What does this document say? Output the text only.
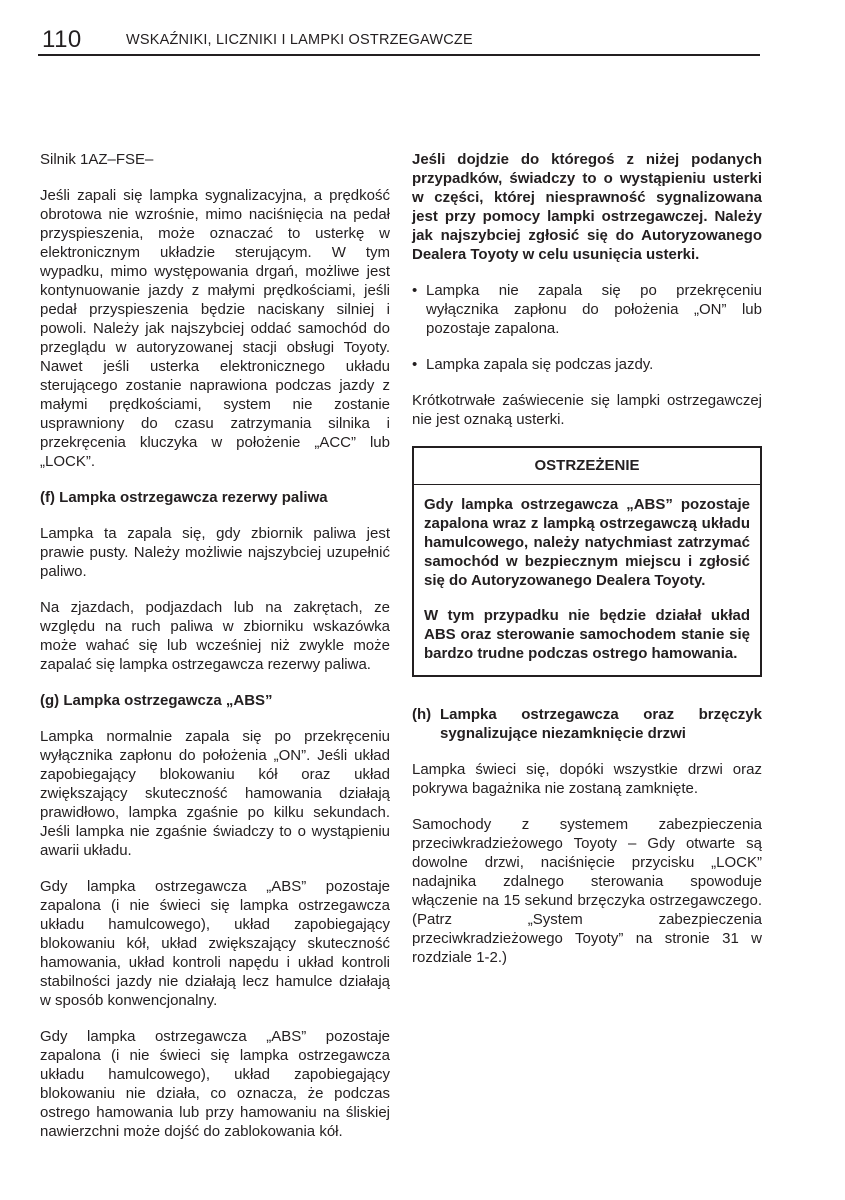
110	WSKAŹNIKI, LICZNIKI I LAMPKI OSTRZEGAWCZE

Silnik 1AZ–FSE–

Jeśli zapali się lampka sygnalizacyjna, a prędkość obrotowa nie wzrośnie, mimo naciśnięcia na pedał przyspieszenia, może oznaczać to usterkę w elektronicznym układzie sterującym. W tym wypadku, mimo występowania drgań, możliwe jest kontynuowanie jazdy z małymi prędkościami, jeśli pedał przyspieszenia będzie naciskany silniej i powoli. Należy jak najszybciej oddać samochód do przeglądu w autoryzowanej stacji obsługi Toyoty. Nawet jeśli usterka elektronicznego układu sterującego zostanie naprawiona podczas jazdy z małymi prędkościami, system nie zostanie usprawniony do czasu zatrzymania silnika i przekręcenia kluczyka w położenie „ACC” lub „LOCK”.

(f) Lampka ostrzegawcza rezerwy paliwa

Lampka ta zapala się, gdy zbiornik paliwa jest prawie pusty. Należy możliwie najszybciej uzupełnić paliwo.

Na zjazdach, podjazdach lub na zakrętach, ze względu na ruch paliwa w zbiorniku wskazówka może wahać się lub wcześniej niż zwykle może zapalać się lampka ostrzegawcza rezerwy paliwa.

(g) Lampka ostrzegawcza „ABS”

Lampka normalnie zapala się po przekręceniu wyłącznika zapłonu do położenia „ON”. Jeśli układ zapobiegający blokowaniu kół oraz układ zwiększający skuteczność hamowania działają prawidłowo, lampka zgaśnie po kilku sekundach. Jeśli lampka nie zgaśnie świadczy to o wystąpieniu awarii układu.

Gdy lampka ostrzegawcza „ABS” pozostaje zapalona (i nie świeci się lampka ostrzegawcza układu hamulcowego), układ zapobiegający blokowaniu kół, układ zwiększający skuteczność hamowania, układ kontroli napędu i układ kontroli stabilności jazdy nie działają lecz hamulce działają w sposób konwencjonalny.

Gdy lampka ostrzegawcza „ABS” pozostaje zapalona (i nie świeci się lampka ostrzegawcza układu hamulcowego), układ zapobiegający blokowaniu nie działa, co oznacza, że podczas ostrego hamowania lub przy hamowaniu na śliskiej nawierzchni może dojść do zablokowania kół.

Jeśli dojdzie do któregoś z niżej podanych przypadków, świadczy to o wystąpieniu usterki w części, której niesprawność sygnalizowana jest przy pomocy lampki ostrzegawczej. Należy jak najszybciej zgłosić się do Autoryzowanego Dealera Toyoty w celu usunięcia usterki.

• Lampka nie zapala się po przekręceniu wyłącznika zapłonu do położenia „ON” lub pozostaje zapalona.
• Lampka zapala się podczas jazdy.

Krótkotrwałe zaświecenie się lampki ostrzegawczej nie jest oznaką usterki.

OSTRZEŻENIE

Gdy lampka ostrzegawcza „ABS” pozostaje zapalona wraz z lampką ostrzegawczą układu hamulcowego, należy natychmiast zatrzymać samochód w bezpiecznym miejscu i zgłosić się do Autoryzowanego Dealera Toyoty.

W tym przypadku nie będzie działał układ ABS oraz sterowanie samochodem stanie się bardzo trudne podczas ostrego hamowania.

(h) Lampka ostrzegawcza oraz brzęczyk sygnalizujące niezamknięcie drzwi

Lampka świeci się, dopóki wszystkie drzwi oraz pokrywa bagażnika nie zostaną zamknięte.

Samochody z systemem zabezpieczenia przeciwkradzieżowego Toyoty – Gdy otwarte są dowolne drzwi, naciśnięcie przycisku „LOCK” nadajnika zdalnego sterowania spowoduje włączenie na 15 sekund brzęczyka ostrzegawczego. (Patrz „System zabezpieczenia przeciwkradzieżowego Toyoty” na stronie 31 w rozdziale 1-2.)
